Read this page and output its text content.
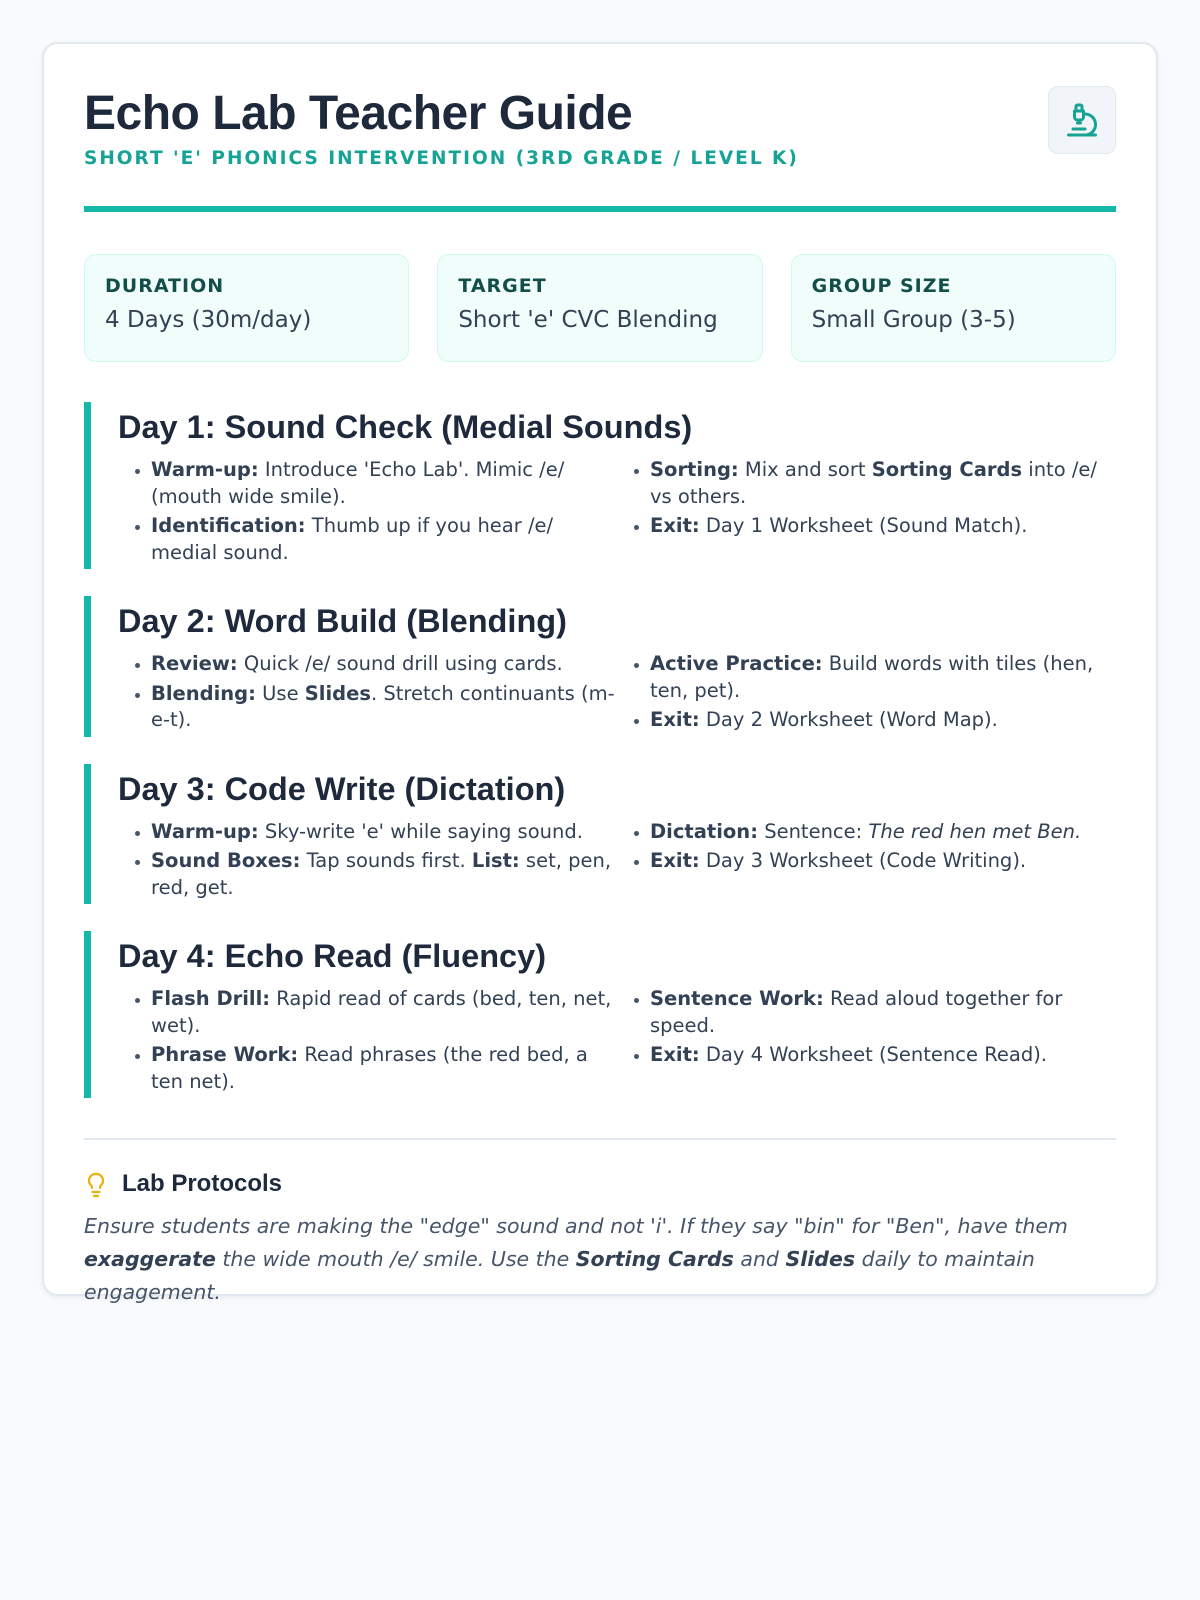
Echo Lab Teacher Guide
SHORT 'E' PHONICS INTERVENTION (3RD GRADE / LEVEL K)
DURATION
4 Days (30m/day)
TARGET
Short 'e' CVC Blending
GROUP SIZE
Small Group (3-5)
Day 1: Sound Check (Medial Sounds)
• Warm-up: Introduce 'Echo Lab'. Mimic /e/ (mouth wide smile).
• Identification: Thumb up if you hear /e/ medial sound.
• Sorting: Mix and sort Sorting Cards into /e/ vs others.
• Exit: Day 1 Worksheet (Sound Match).
Day 2: Word Build (Blending)
• Review: Quick /e/ sound drill using cards.
• Blending: Use Slides. Stretch continuants (m-e-t).
• Active Practice: Build words with tiles (hen, ten, pet).
• Exit: Day 2 Worksheet (Word Map).
Day 3: Code Write (Dictation)
• Warm-up: Sky-write 'e' while saying sound.
• Sound Boxes: Tap sounds first. List: set, pen, red, get.
• Dictation: Sentence: The red hen met Ben.
• Exit: Day 3 Worksheet (Code Writing).
Day 4: Echo Read (Fluency)
• Flash Drill: Rapid read of cards (bed, ten, net, wet).
• Phrase Work: Read phrases (the red bed, a ten net).
• Sentence Work: Read aloud together for speed.
• Exit: Day 4 Worksheet (Sentence Read).
Lab Protocols
Ensure students are making the "edge" sound and not 'i'. If they say "bin" for "Ben", have them exaggerate the wide mouth /e/ smile. Use the Sorting Cards and Slides daily to maintain engagement.
